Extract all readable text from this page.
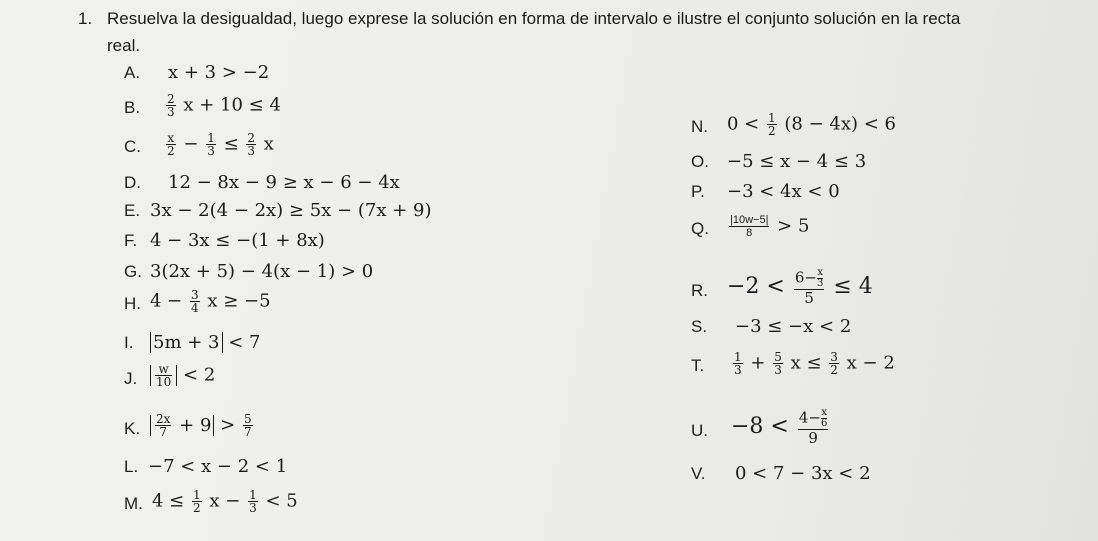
1. Resuelva la desigualdad, luego exprese la solución en forma de intervalo e ilustre el conjunto solución en la recta
real.
A. x + 3 > −2
B. $\frac{2}{3}$ x + 10 ≤ 4
C. $\frac{x}{2} - \frac{1}{3} \le \frac{2}{3}$ x
D. 12 − 8x − 9 ≥ x − 6 − 4x
E. 3x − 2(4 − 2x) ≥ 5x − (7x + 9)
F. 4 − 3x ≤ −(1 + 8x)
G. 3(2x + 5) − 4(x − 1) > 0
H. $4 - \frac{3}{4}$ x ≥ −5
I. 5m + 3 < 7
J. $\frac{w}{10} < 2$
K. $\frac{2x}{7} + 9 > \frac{5}{7}$
L. −7 < x − 2 < 1
M. $4 \le \frac{1}{2}$ $x - \frac{1}{3} < 5$
N. $0 < \frac{1}{2} (8 - 4x) < 6$
O. −5 ≤ x − 4 ≤ 3
P. −3 < 4x < 0
Q. $\frac{|10w-5|}{8} > 5$
R. $-2 < \frac{6- \frac{x}{3}}{5} \le 4$
S. −3 ≤ −x < 2
T. $\frac{1}{3} + \frac{5}{3}$ $x \le \frac{3}{2}$ x − 2
U. $-8 < \frac{4- \frac{x}{6}}{9}$
V. 0 < 7 − 3x < 2
